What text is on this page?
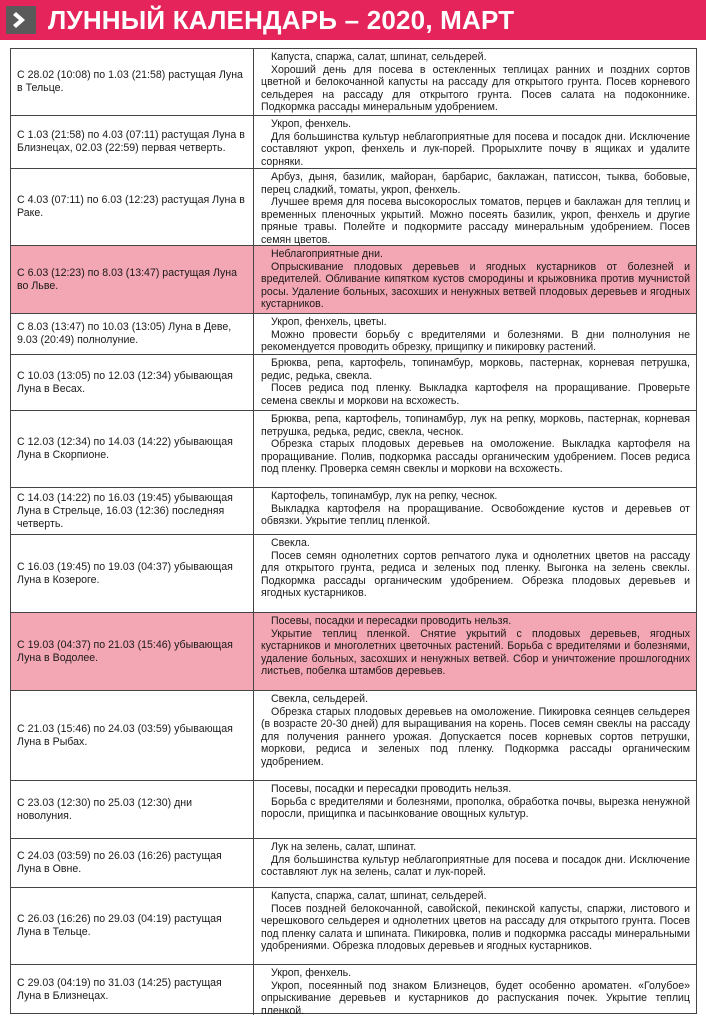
ЛУННЫЙ КАЛЕНДАРЬ – 2020, МАРТ
С 28.02 (10:08) по 1.03 (21:58) растущая Луна в Тельце.

Капуста, спаржа, салат, шпинат, сельдерей.

Хороший день для посева в остекленных теплицах ранних и поздних сортов цветной и белокочанной капусты на рассаду для открытого грунта. Посев корневого сельдерея на рассаду для открытого грунта. Посев салата на подоконнике. Подкормка рассады минеральным удобрением.

С 1.03 (21:58) по 4.03 (07:11) растущая Луна в Близнецах, 02.03 (22:59) первая четверть.

Укроп, фенхель.

Для большинства культур неблагоприятные для посева и посадок дни. Исключение составляют укроп, фенхель и лук-порей. Прорыхлите почву в ящиках и удалите сорняки.

С 4.03 (07:11) по 6.03 (12:23) растущая Луна в Раке.

Арбуз, дыня, базилик, майоран, барбарис, баклажан, патиссон, тыква, бобовые, перец сладкий, томаты, укроп, фенхель.

Лучшее время для посева высокорослых томатов, перцев и баклажан для теплиц и временных пленочных укрытий. Можно посеять базилик, укроп, фенхель и другие пряные травы. Полейте и подкормите рассаду минеральным удобрением. Посев семян цветов.

С 6.03 (12:23) по 8.03 (13:47) растущая Луна во Льве.

Неблагоприятные дни.

Опрыскивание плодовых деревьев и ягодных кустарников от болезней и вредителей. Обливание кипятком кустов смородины и крыжовника против мучнистой росы. Удаление больных, засохших и ненужных ветвей плодовых деревьев и ягодных кустарников.

С 8.03 (13:47) по 10.03 (13:05) Луна в Деве, 9.03 (20:49) полнолуние.

Укроп, фенхель, цветы.

Можно провести борьбу с вредителями и болезнями. В дни полнолуния не рекомендуется проводить обрезку, прищипку и пикировку растений.

С 10.03 (13:05) по 12.03 (12:34) убывающая Луна в Весах.

Брюква, репа, картофель, топинамбур, морковь, пастернак, корневая петрушка, редис, редька, свекла.

Посев редиса под пленку. Выкладка картофеля на проращивание. Проверьте семена свеклы и моркови на всхожесть.

С 12.03 (12:34) по 14.03 (14:22) убывающая Луна в Скорпионе.

Брюква, репа, картофель, топинамбур, лук на репку, морковь, пастернак, корневая петрушка, редька, редис, свекла, чеснок.

Обрезка старых плодовых деревьев на омоложение. Выкладка картофеля на проращивание. Полив, подкормка рассады органическим удобрением. Посев редиса под пленку. Проверка семян свеклы и моркови на всхожесть.

С 14.03 (14:22) по 16.03 (19:45) убывающая Луна в Стрельце, 16.03 (12:36) последняя четверть.

Картофель, топинамбур, лук на репку, чеснок.

Выкладка картофеля на проращивание. Освобождение кустов и деревьев от обвязки. Укрытие теплиц пленкой.

С 16.03 (19:45) по 19.03 (04:37) убывающая Луна в Козероге.

Свекла.

Посев семян однолетних сортов репчатого лука и однолетних цветов на рассаду для открытого грунта, редиса и зеленых под пленку. Выгонка на зелень свеклы. Подкормка рассады органическим удобрением. Обрезка плодовых деревьев и ягодных кустарников.

С 19.03 (04:37) по 21.03 (15:46) убывающая Луна в Водолее.

Посевы, посадки и пересадки проводить нельзя.

Укрытие теплиц пленкой. Снятие укрытий с плодовых деревьев, ягодных кустарников и многолетних цветочных растений. Борьба с вредителями и болезнями, удаление больных, засохших и ненужных ветвей. Сбор и уничтожение прошлогодних листьев, побелка штамбов деревьев.

С 21.03 (15:46) по 24.03 (03:59) убывающая Луна в Рыбах.

Свекла, сельдерей.

Обрезка старых плодовых деревьев на омоложение. Пикировка сеянцев сельдерея (в возрасте 20-30 дней) для выращивания на корень. Посев семян свеклы на рассаду для получения раннего урожая. Допускается посев корневых сортов петрушки, моркови, редиса и зеленых под пленку. Подкормка рассады органическим удобрением.

С 23.03 (12:30) по 25.03 (12:30) дни новолуния.

Посевы, посадки и пересадки проводить нельзя.

Борьба с вредителями и болезнями, прополка, обработка почвы, вырезка ненужной поросли, прищипка и пасынкование овощных культур.

С 24.03 (03:59) по 26.03 (16:26) растущая Луна в Овне.

Лук на зелень, салат, шпинат.

Для большинства культур неблагоприятные для посева и посадок дни. Исключение составляют лук на зелень, салат и лук-порей.

С 26.03 (16:26) по 29.03 (04:19) растущая Луна в Тельце.

Капуста, спаржа, салат, шпинат, сельдерей.

Посев поздней белокочанной, савойской, пекинской капусты, спаржи, листового и черешкового сельдерея и однолетних цветов на рассаду для открытого грунта. Посев под пленку салата и шпината. Пикировка, полив и подкормка рассады минеральными удобрениями. Обрезка плодовых деревьев и ягодных кустарников.

С 29.03 (04:19) по 31.03 (14:25) растущая Луна в Близнецах.

Укроп, фенхель.

Укроп, посеянный под знаком Близнецов, будет особенно ароматен. «Голубое» опрыскивание деревьев и кустарников до распускания почек. Укрытие теплиц пленкой.
